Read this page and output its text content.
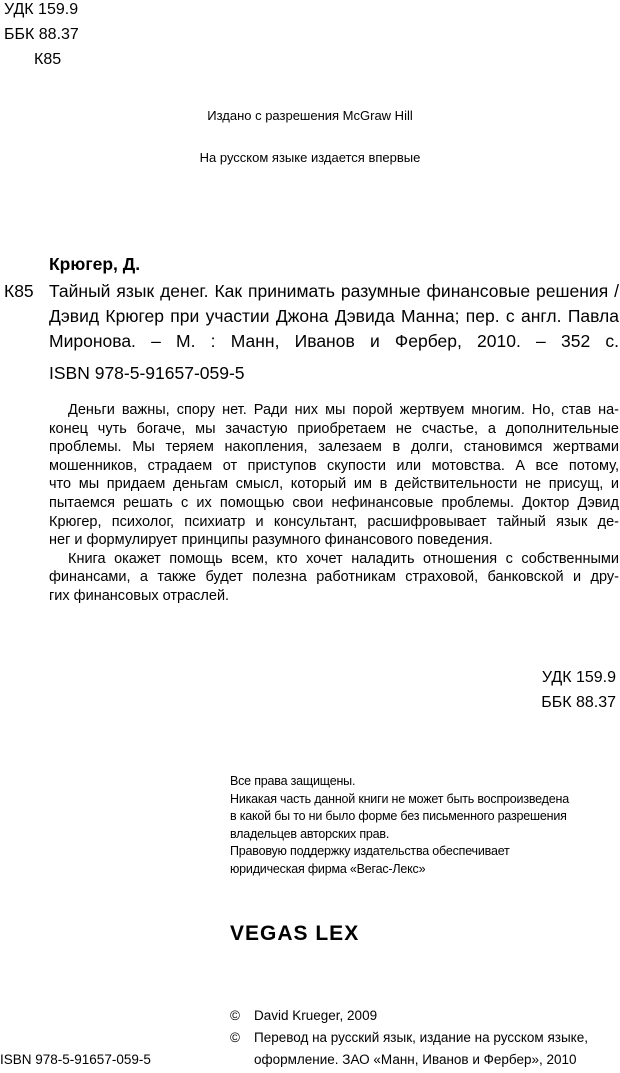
УДК 159.9
ББК 88.37
К85
Издано с разрешения McGraw Hill
На русском языке издается впервые
Крюгер, Д.
К85 Тайный язык денег. Как принимать разумные финансовые решения /
Дэвид Крюгер при участии Джона Дэвида Манна; пер. с англ. Павла
Миронова. – М. : Манн, Иванов и Фербер, 2010. – 352 с.
ISBN 978-5-91657-059-5
Деньги важны, спору нет. Ради них мы порой жертвуем многим. Но, став на-
конец чуть богаче, мы зачастую приобретаем не счастье, а дополнительные
проблемы. Мы теряем накопления, залезаем в долги, становимся жертвами
мошенников, страдаем от приступов скупости или мотовства. А все потому,
что мы придаем деньгам смысл, который им в действительности не присущ, и
пытаемся решать с их помощью свои нефинансовые проблемы. Доктор Дэвид
Крюгер, психолог, психиатр и консультант, расшифровывает тайный язык де-
нег и формулирует принципы разумного финансового поведения.
Книга окажет помощь всем, кто хочет наладить отношения с собственными
финансами, а также будет полезна работникам страховой, банковской и дру-
гих финансовых отраслей.
УДК 159.9
ББК 88.37
Все права защищены.
Никакая часть данной книги не может быть воспроизведена
в какой бы то ни было форме без письменного разрешения
владельцев авторских прав.
Правовую поддержку издательства обеспечивает
юридическая фирма «Вегас-Лекс»
VEGAS LEX
© David Krueger, 2009
© Перевод на русский язык, издание на русском языке,
оформление. ЗАО «Манн, Иванов и Фербер», 2010
ISBN 978-5-91657-059-5
